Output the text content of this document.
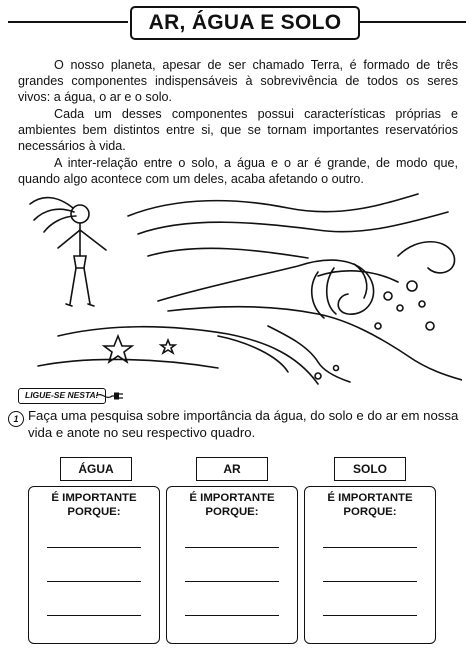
AR, ÁGUA E SOLO

O nosso planeta, apesar de ser chamado Terra, é formado de três grandes componentes indispensáveis à sobrevivência de todos os seres vivos: a água, o ar e o solo.

Cada um desses componentes possui características próprias e ambientes bem distintos entre si, que se tornam importantes reservatórios necessários à vida.

A inter-relação entre o solo, a água e o ar é grande, de modo que, quando algo acontece com um deles, acaba afetando o outro.

LIGUE-SE NESTA!
1 Faça uma pesquisa sobre importância da água, do solo e do ar em nossa vida e anote no seu respectivo quadro.

ÁGUA	AR	SOLO
É IMPORTANTE
PORQUE:
É IMPORTANTE
PORQUE:
É IMPORTANTE
PORQUE:
